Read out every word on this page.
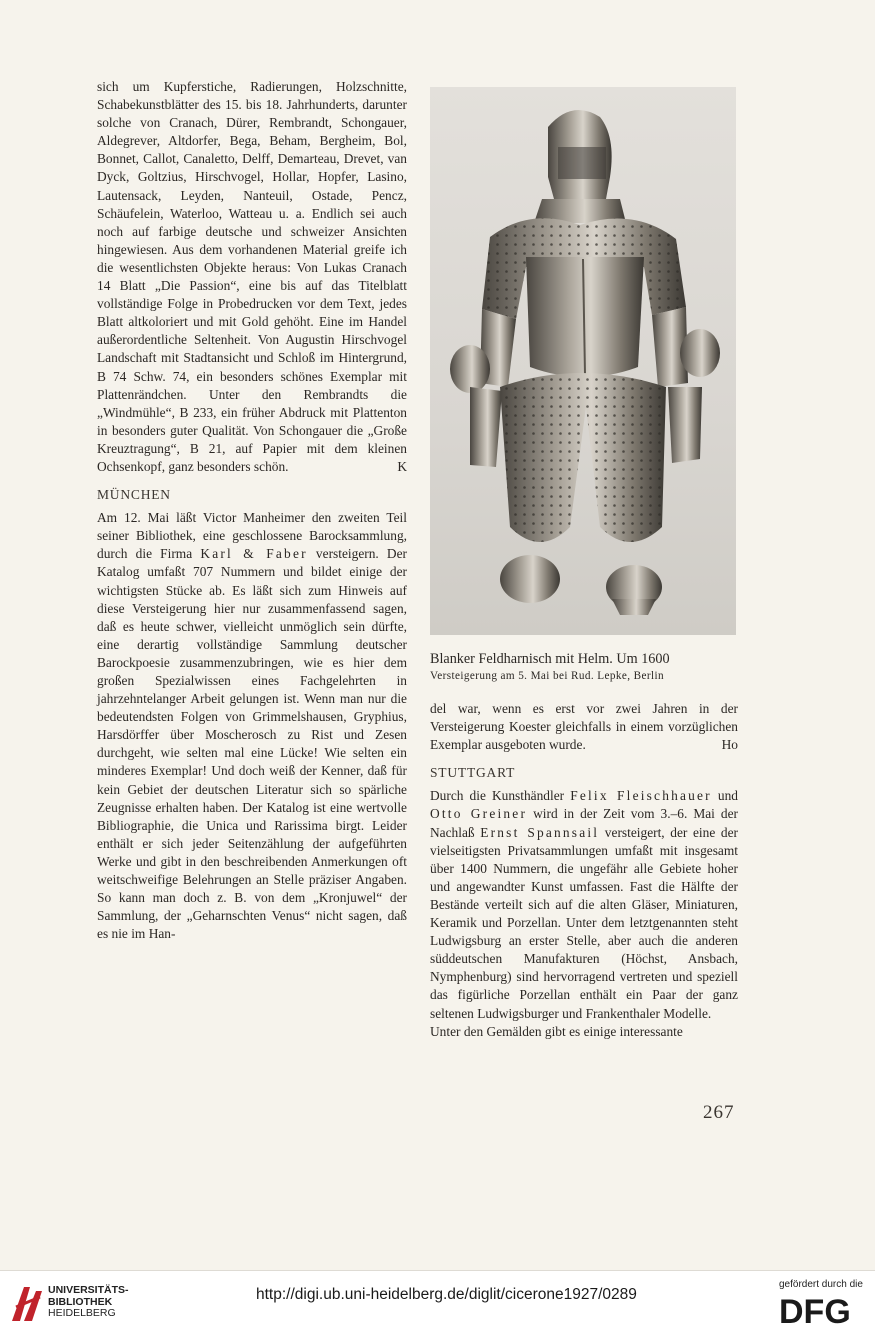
sich um Kupferstiche, Radierungen, Holzschnitte, Schabekunstblätter des 15. bis 18. Jahrhunderts, darunter solche von Cranach, Dürer, Rembrandt, Schongauer, Aldegrever, Altdorfer, Bega, Beham, Bergheim, Bol, Bonnet, Callot, Canaletto, Delff, Demarteau, Drevet, van Dyck, Goltzius, Hirschvogel, Hollar, Hopfer, Lasino, Lautensack, Leyden, Nanteuil, Ostade, Pencz, Schäufelein, Waterloo, Watteau u. a. Endlich sei auch noch auf farbige deutsche und schweizer Ansichten hingewiesen. Aus dem vorhandenen Material greife ich die wesentlichsten Objekte heraus: Von Lukas Cranach 14 Blatt „Die Passion“, eine bis auf das Titelblatt vollständige Folge in Probedrucken vor dem Text, jedes Blatt altkoloriert und mit Gold gehöht. Eine im Handel außerordentliche Seltenheit. Von Augustin Hirschvogel Landschaft mit Stadtansicht und Schloß im Hintergrund, B 74 Schw. 74, ein besonders schönes Exemplar mit Plattenrändchen. Unter den Rembrandts die „Windmühle“, B 233, ein früher Abdruck mit Plattenton in besonders guter Qualität. Von Schongauer die „Große Kreuztragung“, B 21, auf Papier mit dem kleinen Ochsenkopf, ganz besonders schön.	K

MÜNCHEN

Am 12. Mai läßt Victor Manheimer den zweiten Teil seiner Bibliothek, eine geschlossene Barocksammlung, durch die Firma Karl & Faber versteigern. Der Katalog umfaßt 707 Nummern und bildet einige der wichtigsten Stücke ab. Es läßt sich zum Hinweis auf diese Versteigerung hier nur zusammenfassend sagen, daß es heute schwer, vielleicht unmöglich sein dürfte, eine derartig vollständige Sammlung deutscher Barockpoesie zusammenzubringen, wie es hier dem großen Spezialwissen eines Fachgelehrten in jahrzehntelanger Arbeit gelungen ist. Wenn man nur die bedeutendsten Folgen von Grimmelshausen, Gryphius, Harsdörffer über Moscherosch zu Rist und Zesen durchgeht, wie selten mal eine Lücke! Wie selten ein minderes Exemplar! Und doch weiß der Kenner, daß für kein Gebiet der deutschen Literatur sich so spärliche Zeugnisse erhalten haben. Der Katalog ist eine wertvolle Bibliographie, die Unica und Rarissima birgt. Leider enthält er sich jeder Seitenzählung der aufgeführten Werke und gibt in den beschreibenden Anmerkungen oft weitschweifige Belehrungen an Stelle präziser Angaben. So kann man doch z. B. von dem „Kronjuwel“ der Sammlung, der „Geharnschten Venus“ nicht sagen, daß es nie im Han-

Blanker Feldharnisch mit Helm. Um 1600
Versteigerung am 5. Mai bei Rud. Lepke, Berlin

del war, wenn es erst vor zwei Jahren in der Versteigerung Koester gleichfalls in einem vorzüglichen Exemplar ausgeboten wurde.	Ho

STUTTGART

Durch die Kunsthändler Felix Fleischhauer und Otto Greiner wird in der Zeit vom 3.–6. Mai der Nachlaß Ernst Spannsail versteigert, der eine der vielseitigsten Privatsammlungen umfaßt mit insgesamt über 1400 Nummern, die ungefähr alle Gebiete hoher und angewandter Kunst umfassen. Fast die Hälfte der Bestände verteilt sich auf die alten Gläser, Miniaturen, Keramik und Porzellan. Unter dem letztgenannten steht Ludwigsburg an erster Stelle, aber auch die anderen süddeutschen Manufakturen (Höchst, Ansbach, Nymphenburg) sind hervorragend vertreten und speziell das figürliche Porzellan enthält ein Paar der ganz seltenen Ludwigsburger und Frankenthaler Modelle.

Unter den Gemälden gibt es einige interessante

267
UNIVERSITÄTS-
BIBLIOTHEK
HEIDELBERG
http://digi.ub.uni-heidelberg.de/diglit/cicerone1927/0289
gefördert durch die
DFG
